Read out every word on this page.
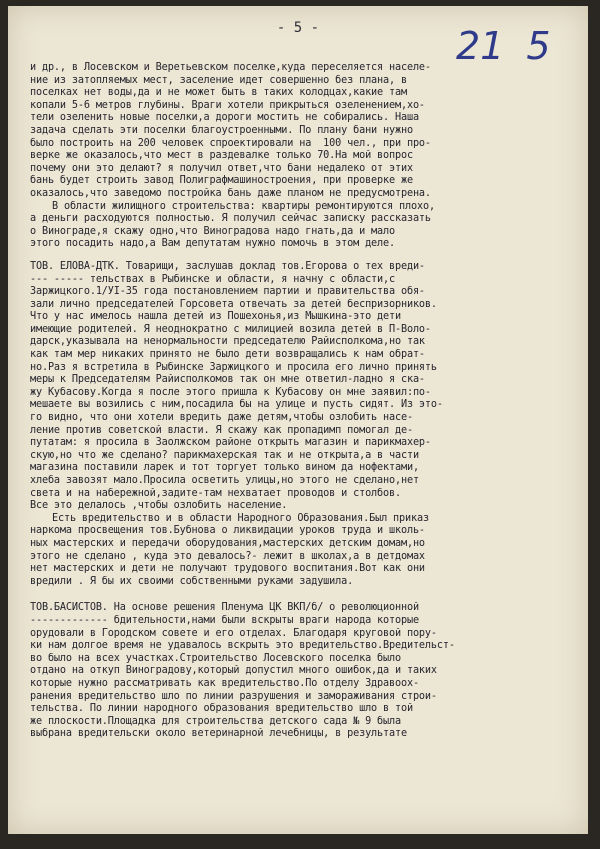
- 5 -	21 5
и др., в Лосевском и Веретьевском поселке,куда переселяется населе-
ние из затопляемых мест, заселение идет совершенно без плана, в
поселках нет воды,да и не может быть в таких колодцах,какие там
копали 5-6 метров глубины. Враги хотели прикрыться озеленением,хо-
тели озеленить новые поселки,а дороги мостить не собирались. Наша
задача сделать эти поселки благоустроенными. По плану бани нужно
было построить на 200 человек спроектировали на  100 чел., при про-
верке же оказалось,что мест в раздевалке только 70.На мой вопрос
почему они это делают? я получил ответ,что бани недалеко от этих
бань будет строить завод Полиграфмашиностроения, при проверке же
оказалось,что заведомо постройка бань даже планом не предусмотрена.
В области жилищного строительства: квартиры ремонтируются плохо,
а деньги расходуются полностью. Я получил сейчас записку рассказать
о Винограде,я скажу одно,что Виноградова надо гнать,да и мало
этого посадить надо,а Вам депутатам нужно помочь в этом деле.
ТОВ. ЕЛОВА-ДТК. Товарищи, заслушав доклад тов.Егорова о тех вреди-
--- ----- тельствах в Рыбинске и области, я начну с области,с
Заржицкого.1/УІ-35 года постановлением партии и правительства обя-
зали лично председателей Горсовета отвечать за детей беспризорников.
Что у нас имелось нашла детей из Пошехонья,из Мышкина-это дети
имеющие родителей. Я неоднократно с милицией возила детей в П-Воло-
дарск,указывала на ненормальности председателю Райисполкома,но так
как там мер никаких принято не было дети возвращались к нам обрат-
но.Раз я встретила в Рыбинске Заржицкого и просила его лично принять
меры к Председателям Райисполкомов так он мне ответил-ладно я ска-
жу Кубасову.Когда я после этого пришла к Кубасову он мне заявил:по-
мешаете вы возились с ним,посадила бы на улице и пусть сидят. Из это-
го видно, что они хотели вредить даже детям,чтобы озлобить насе-
ление против советской власти. Я скажу как пропадимп помогал де-
путатам: я просила в Заолжском районе открыть магазин и парикмахер-
скую,но что же сделано? парикмахерская так и не открыта,а в части
магазина поставили ларек и тот торгует только вином да нофектами,
хлеба завозят мало.Просила осветить улицы,но этого не сделано,нет
света и на набережной,задите-там нехватает проводов и столбов.
Все это делалось ,чтобы озлобить население.
Есть вредительство и в области Народного Образования.Был приказ
наркома просвещения тов.Бубнова о ликвидации уроков труда и школь-
ных мастерских и передачи оборудования,мастерских детским домам,но
этого не сделано , куда это девалось?- лежит в школах,а в детдомах
нет мастерских и дети не получают трудового воспитания.Вот как они
вредили . Я бы их своими собственными руками задушила.
ТОВ.БАСИСТОВ. На основе решения Пленума ЦК ВКП/б/ о революционной
------------- бдительности,нами были вскрыты враги народа которые
орудовали в Городском совете и его отделах. Благодаря круговой пору-
ки нам долгое время не удавалось вскрыть это вредительство.Вредительст-
во было на всех участках.Строительство Лосевского поселка было
отдано на откуп Виноградову,который допустил много ошибок,да и таких
которые нужно рассматривать как вредительство.По отделу Здравоох-
ранения вредительство шло по линии разрушения и замораживания строи-
тельства. По линии народного образования вредительство шло в той
же плоскости.Площадка для строительства детского сада № 9 была
выбрана вредительски около ветеринарной лечебницы, в результате
